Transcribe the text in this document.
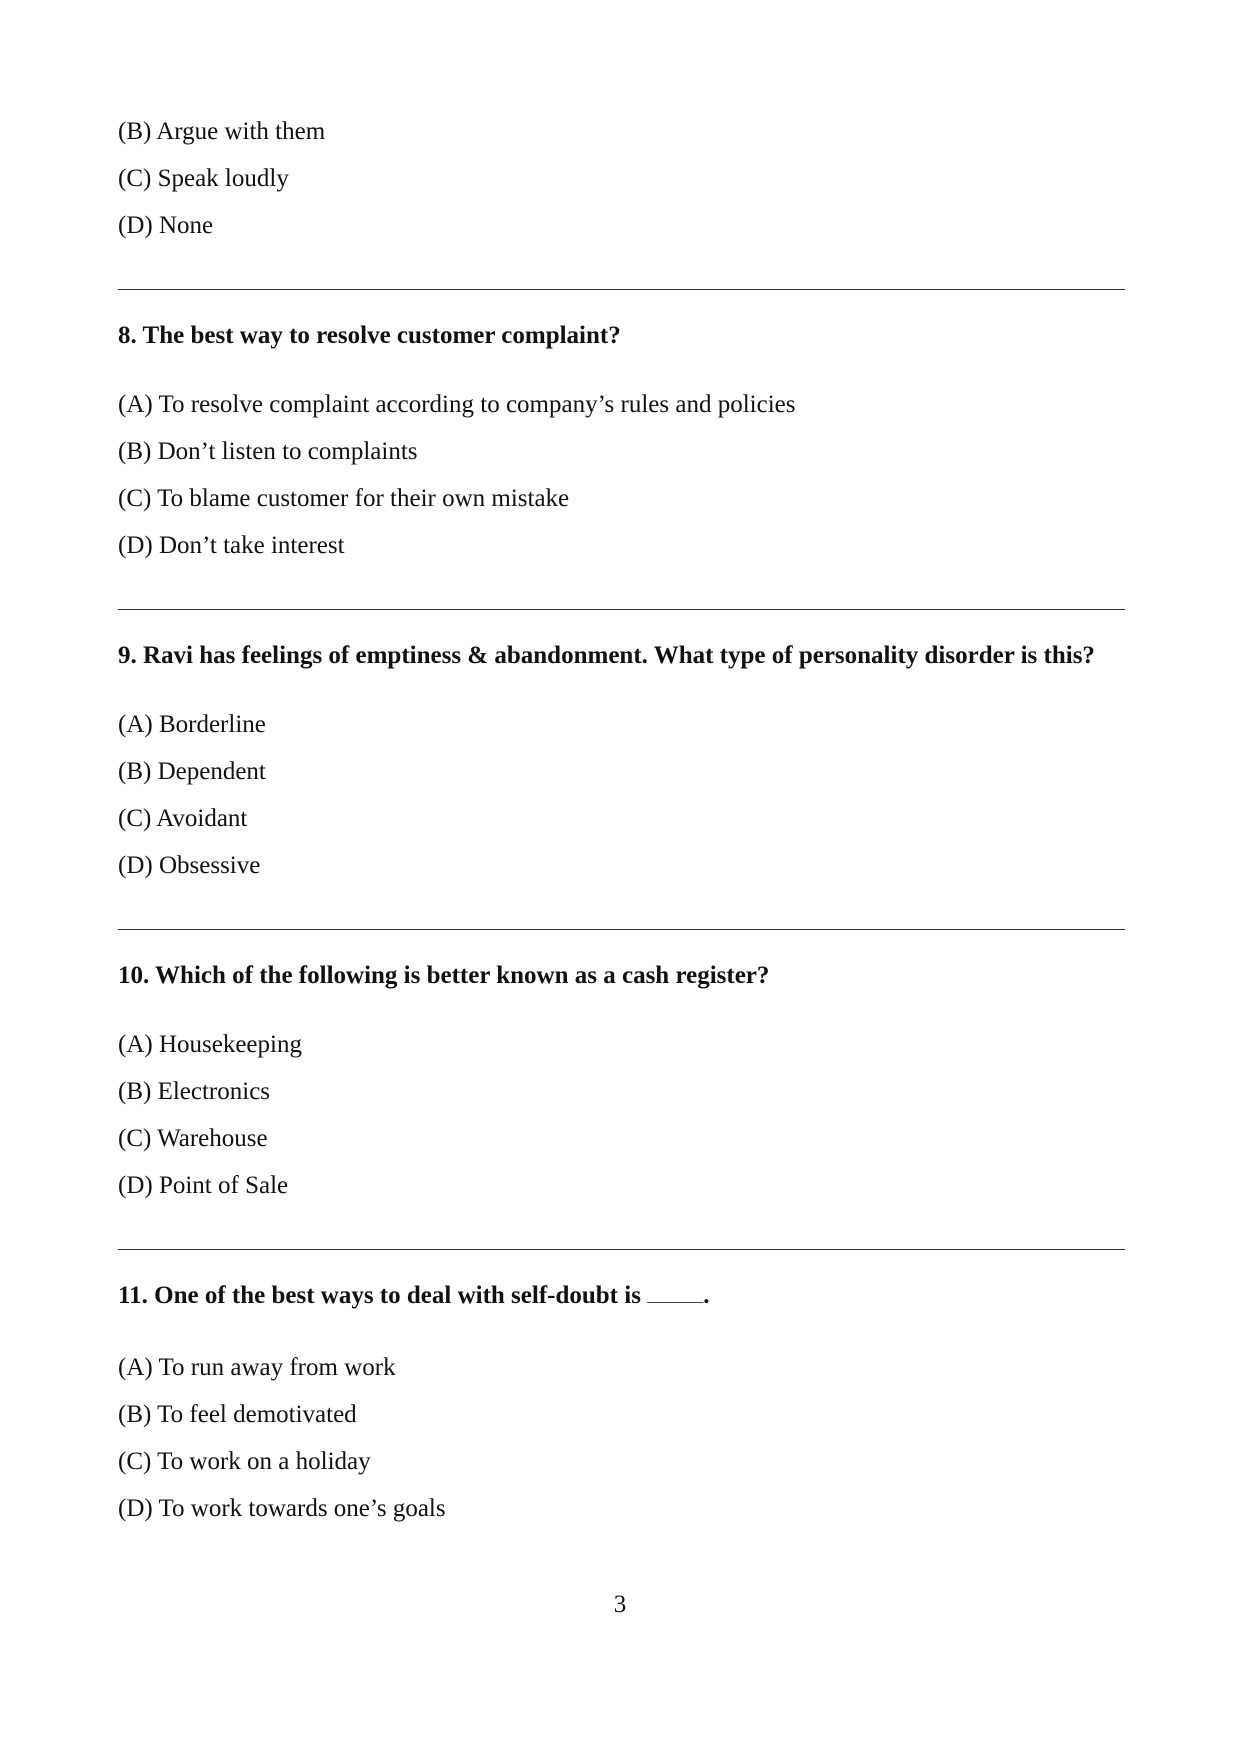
(B) Argue with them
(C) Speak loudly
(D) None
8. The best way to resolve customer complaint?
(A) To resolve complaint according to company’s rules and policies
(B) Don’t listen to complaints
(C) To blame customer for their own mistake
(D) Don’t take interest
9. Ravi has feelings of emptiness & abandonment. What type of personality disorder is this?
(A) Borderline
(B) Dependent
(C) Avoidant
(D) Obsessive
10. Which of the following is better known as a cash register?
(A) Housekeeping
(B) Electronics
(C) Warehouse
(D) Point of Sale
11. One of the best ways to deal with self-doubt is _______.
(A) To run away from work
(B) To feel demotivated
(C) To work on a holiday
(D) To work towards one’s goals
3
